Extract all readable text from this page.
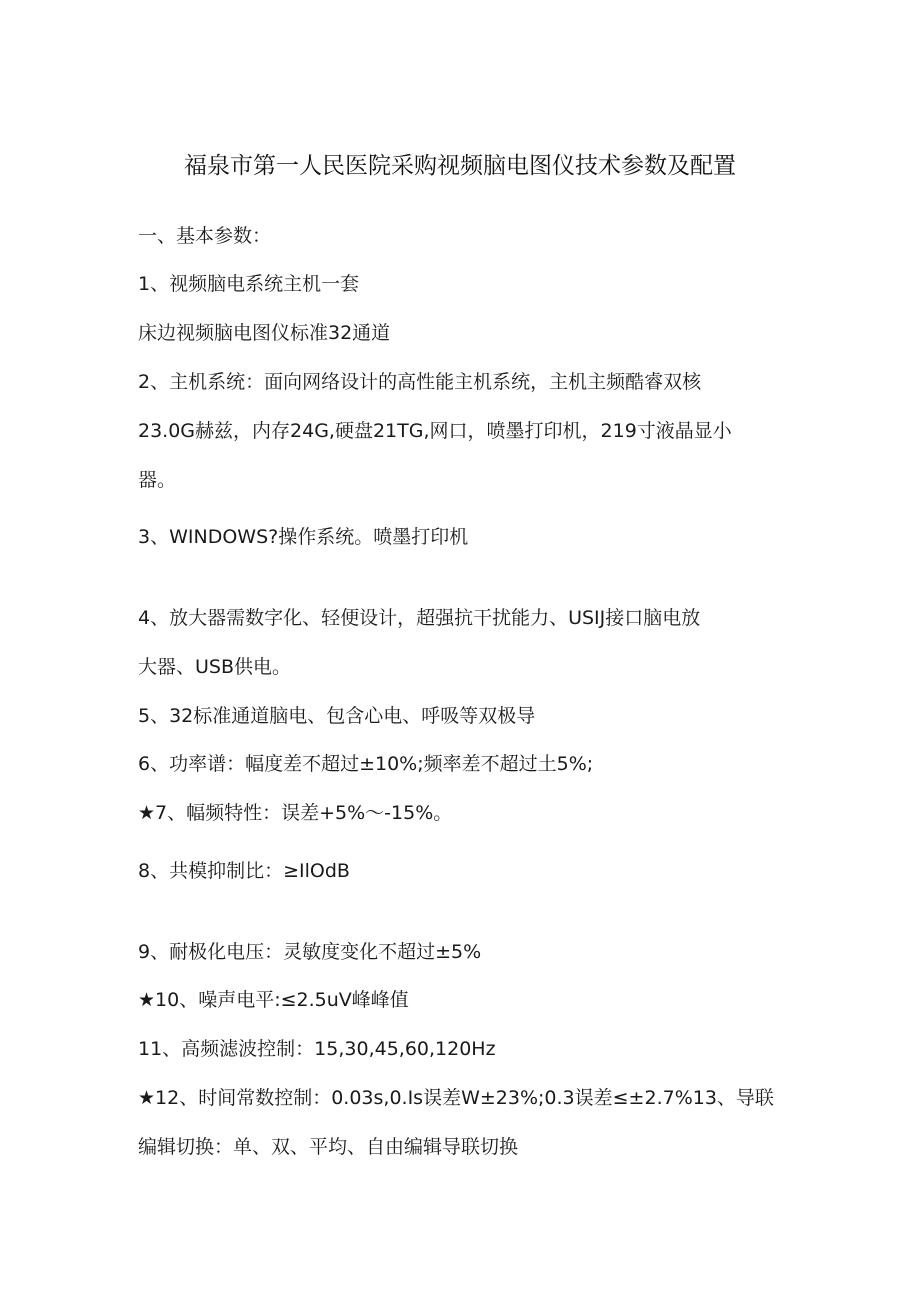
福泉市第一人民医院采购视频脑电图仪技术参数及配置

一、基本参数：

1、视频脑电系统主机一套

床边视频脑电图仪标准32通道

2、主机系统：面向网络设计的高性能主机系统，主机主频酷睿双核

23.0G赫兹，内存24G,硬盘21TG,网口，喷墨打印机，219寸液晶显小

器。

3、WINDOWS?操作系统。喷墨打印机

4、放大器需数字化、轻便设计，超强抗干扰能力、USIJ接口脑电放

大器、USB供电。

5、32标准通道脑电、包含心电、呼吸等双极导

6、功率谱：幅度差不超过±10%;频率差不超过土5%;

★7、幅频特性：误差+5%～-15%。

8、共模抑制比：≥IlOdB

9、耐极化电压：灵敏度变化不超过±5%

★10、噪声电平:≤2.5uV峰峰值

11、高频滤波控制：15,30,45,60,120Hz

★12、时间常数控制：0.03s,0.Is误差W±23%;0.3误差≤±2.7%13、导联

编辑切换：单、双、平均、自由编辑导联切换
